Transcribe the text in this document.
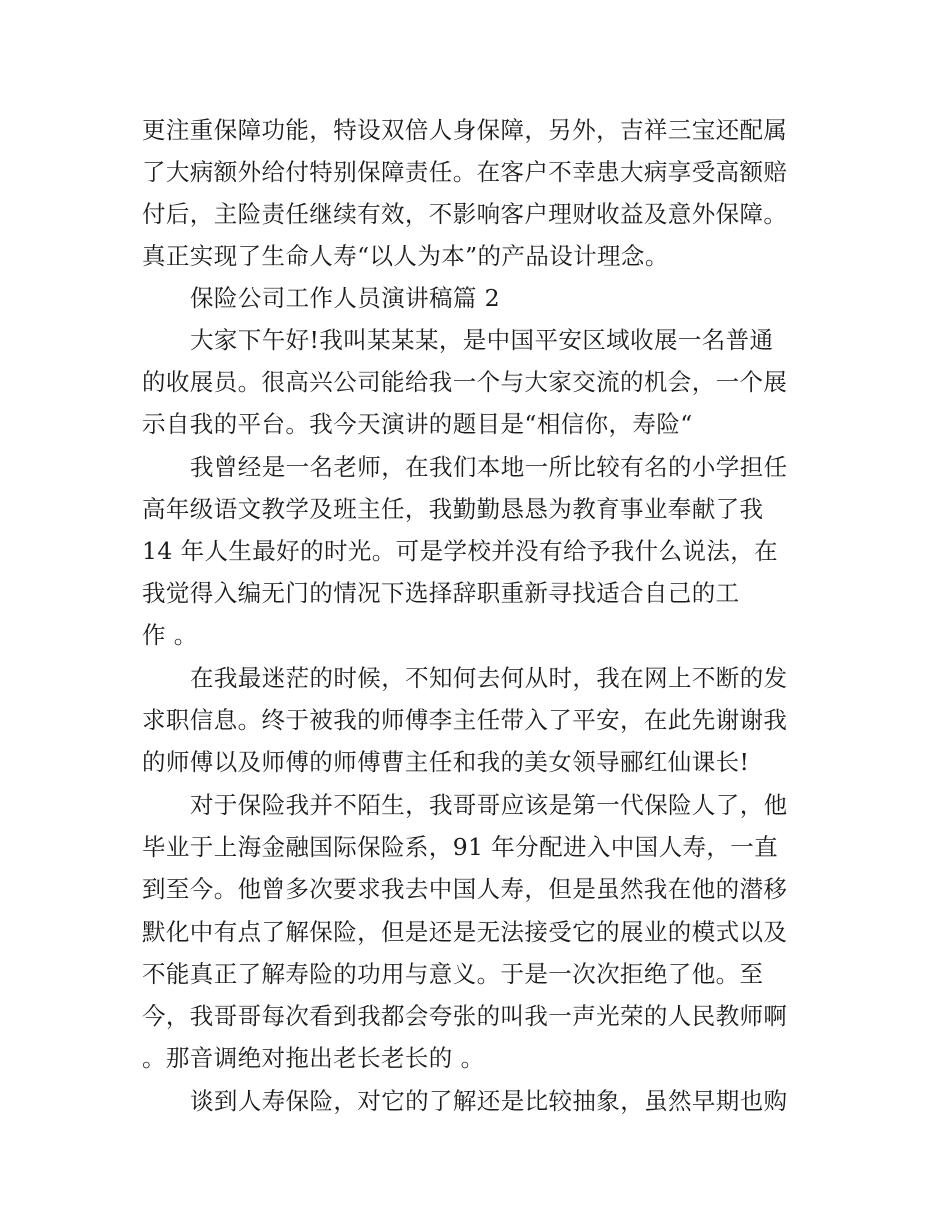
更注重保障功能，特设双倍人身保障，另外，吉祥三宝还配属
了大病额外给付特别保障责任。在客户不幸患大病享受高额赔
付后，主险责任继续有效，不影响客户理财收益及意外保障。
真正实现了生命人寿“以人为本”的产品设计理念。
保险公司工作人员演讲稿篇 2
大家下午好!我叫某某某，是中国平安区域收展一名普通
的收展员。很高兴公司能给我一个与大家交流的机会，一个展
示自我的平台。我今天演讲的题目是“相信你，寿险“
我曾经是一名老师，在我们本地一所比较有名的小学担任
高年级语文教学及班主任，我勤勤恳恳为教育事业奉献了我
14 年人生最好的时光。可是学校并没有给予我什么说法，在
我觉得入编无门的情况下选择辞职重新寻找适合自己的工
作 。
在我最迷茫的时候，不知何去何从时，我在网上不断的发
求职信息。终于被我的师傅李主任带入了平安，在此先谢谢我
的师傅以及师傅的师傅曹主任和我的美女领导郦红仙课长!
对于保险我并不陌生，我哥哥应该是第一代保险人了，他
毕业于上海金融国际保险系，91 年分配进入中国人寿，一直
到至今。他曾多次要求我去中国人寿，但是虽然我在他的潜移
默化中有点了解保险，但是还是无法接受它的展业的模式以及
不能真正了解寿险的功用与意义。于是一次次拒绝了他。至
今，我哥哥每次看到我都会夸张的叫我一声光荣的人民教师啊
。那音调绝对拖出老长老长的 。
谈到人寿保险，对它的了解还是比较抽象，虽然早期也购
